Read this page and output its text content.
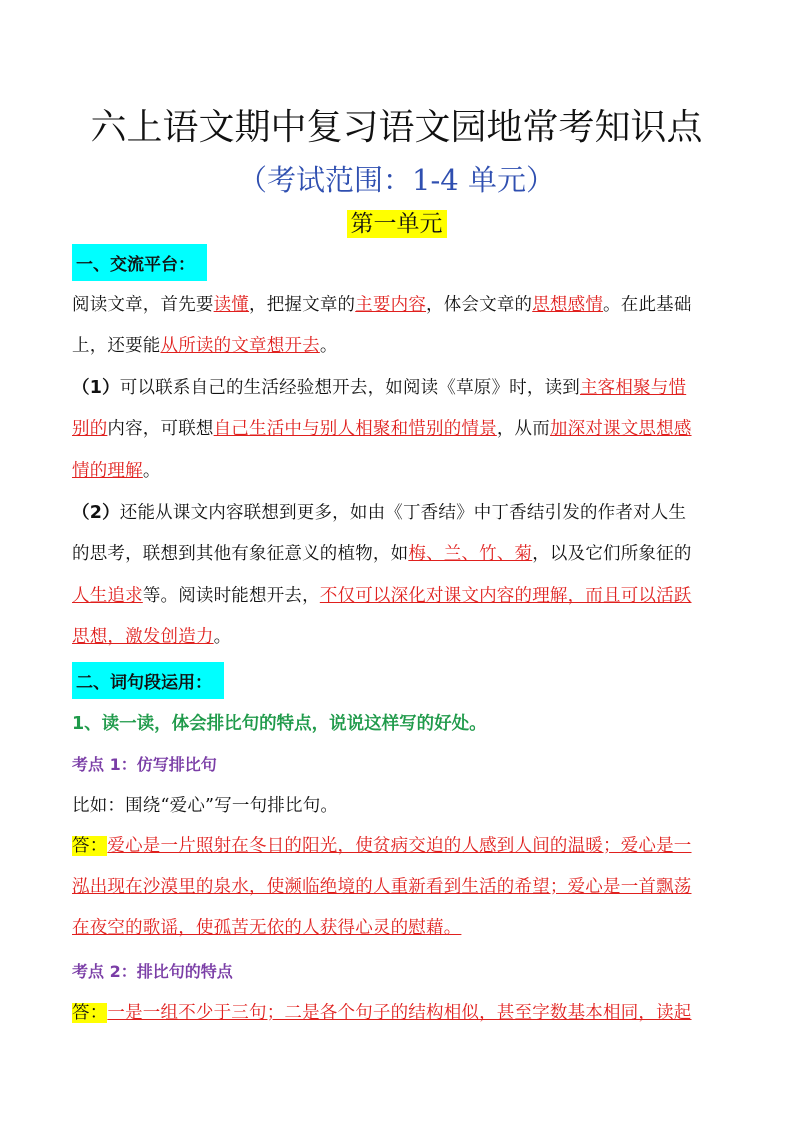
六上语文期中复习语文园地常考知识点
（考试范围：1-4 单元）
第一单元
一、交流平台：
阅读文章，首先要读懂，把握文章的主要内容，体会文章的思想感情。在此基础
上，还要能从所读的文章想开去。
（1）可以联系自己的生活经验想开去，如阅读《草原》时，读到主客相聚与惜
别的内容，可联想自己生活中与别人相聚和惜别的情景，从而加深对课文思想感
情的理解。
（2）还能从课文内容联想到更多，如由《丁香结》中丁香结引发的作者对人生
的思考，联想到其他有象征意义的植物，如梅、兰、竹、菊，以及它们所象征的
人生追求等。阅读时能想开去，不仅可以深化对课文内容的理解，而且可以活跃
思想，激发创造力。
二、词句段运用：
1、读一读，体会排比句的特点，说说这样写的好处。
考点 1：仿写排比句
比如：围绕“爱心”写一句排比句。
答：爱心是一片照射在冬日的阳光，使贫病交迫的人感到人间的温暖；爱心是一
泓出现在沙漠里的泉水，使濒临绝境的人重新看到生活的希望；爱心是一首飘荡
在夜空的歌谣，使孤苦无依的人获得心灵的慰藉。
考点 2：排比句的特点
答：一是一组不少于三句；二是各个句子的结构相似，甚至字数基本相同，读起
